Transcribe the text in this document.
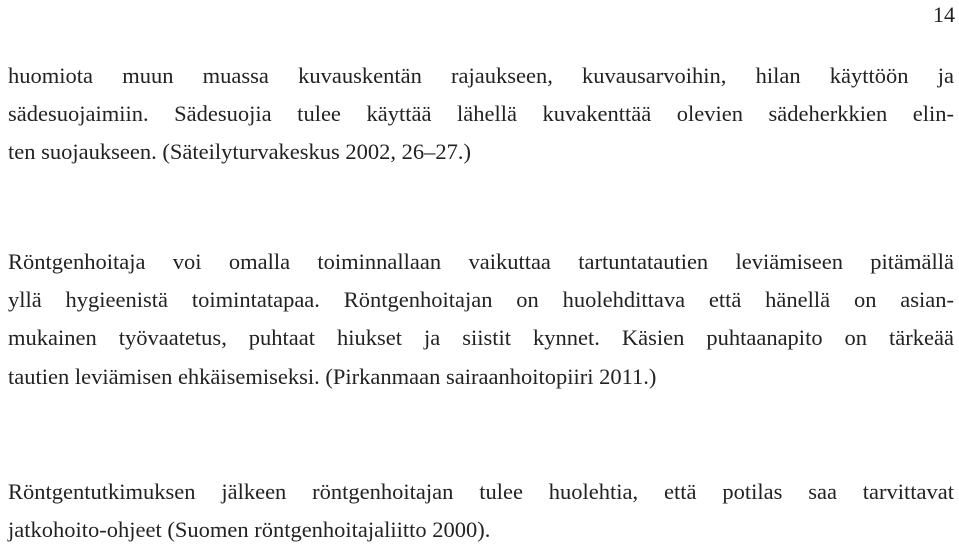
14

huomiota muun muassa kuvauskentän rajaukseen, kuvausarvoihin, hilan käyttöön ja
sädesuojaimiin. Sädesuojia tulee käyttää lähellä kuvakenttää olevien sädeherkkien elin-
ten suojaukseen. (Säteilyturvakeskus 2002, 26–27.)

Röntgenhoitaja voi omalla toiminnallaan vaikuttaa tartuntatautien leviämiseen pitämällä
yllä hygieenistä toimintatapaa. Röntgenhoitajan on huolehdittava että hänellä on asian-
mukainen työvaatetus, puhtaat hiukset ja siistit kynnet. Käsien puhtaanapito on tärkeää
tautien leviämisen ehkäisemiseksi. (Pirkanmaan sairaanhoitopiiri 2011.)

Röntgentutkimuksen jälkeen röntgenhoitajan tulee huolehtia, että potilas saa tarvittavat
jatkohoito-ohjeet (Suomen röntgenhoitajaliitto 2000).
